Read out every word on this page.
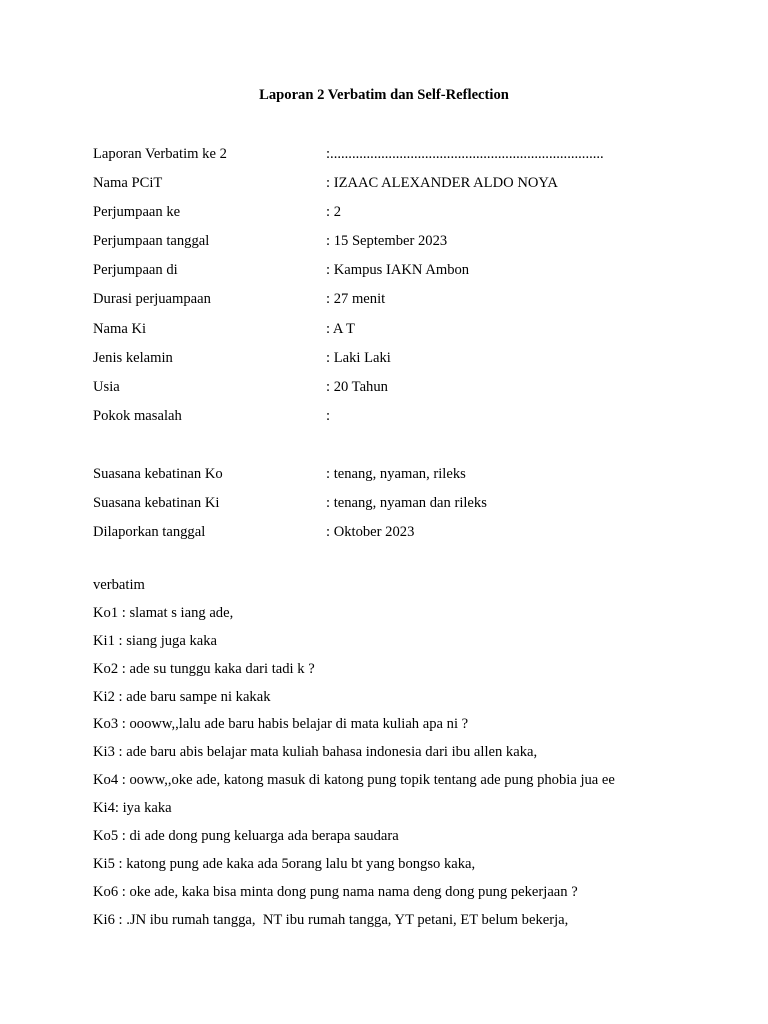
Laporan 2 Verbatim dan Self-Reflection
Laporan Verbatim ke 2	:...........................................................................
Nama PCiT	: IZAAC ALEXANDER ALDO NOYA
Perjumpaan ke	: 2
Perjumpaan tanggal	: 15 September 2023
Perjumpaan di	: Kampus IAKN Ambon
Durasi perjuampaan	: 27 menit
Nama Ki	: A T
Jenis kelamin	: Laki Laki
Usia	: 20 Tahun
Pokok masalah	:
Suasana kebatinan Ko	: tenang, nyaman, rileks
Suasana kebatinan Ki	: tenang, nyaman dan rileks
Dilaporkan tanggal	: Oktober 2023
verbatim
Ko1 : slamat s iang ade,
Ki1 : siang juga kaka
Ko2 : ade su tunggu kaka dari tadi k ?
Ki2 : ade baru sampe ni kakak
Ko3 : oooww,,lalu ade baru habis belajar di mata kuliah apa ni ?
Ki3 : ade baru abis belajar mata kuliah bahasa indonesia dari ibu allen kaka,
Ko4 : ooww,,oke ade, katong masuk di katong pung topik tentang ade pung phobia jua ee
Ki4: iya kaka
Ko5 : di ade dong pung keluarga ada berapa saudara
Ki5 : katong pung ade kaka ada 5orang lalu bt yang bongso kaka,
Ko6 : oke ade, kaka bisa minta dong pung nama nama deng dong pung pekerjaan ?
Ki6 : .JN ibu rumah tangga,  NT ibu rumah tangga, YT petani, ET belum bekerja,
